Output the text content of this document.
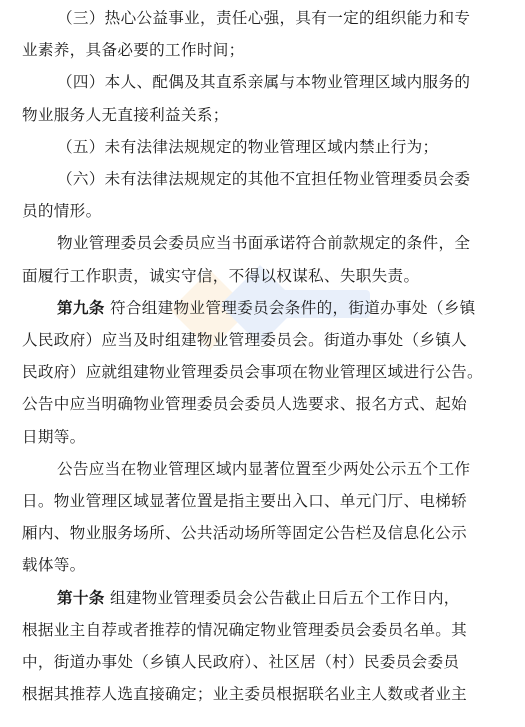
（三）热心公益事业，责任心强，具有一定的组织能力和专
业素养，具备必要的工作时间；
（四）本人、配偶及其直系亲属与本物业管理区域内服务的
物业服务人无直接利益关系；
（五）未有法律法规规定的物业管理区域内禁止行为；
（六）未有法律法规规定的其他不宜担任物业管理委员会委
员的情形。
物业管理委员会委员应当书面承诺符合前款规定的条件，全
面履行工作职责，诚实守信，不得以权谋私、失职失责。
第九条 符合组建物业管理委员会条件的，街道办事处（乡镇
人民政府）应当及时组建物业管理委员会。街道办事处（乡镇人
民政府）应就组建物业管理委员会事项在物业管理区域进行公告。
公告中应当明确物业管理委员会委员人选要求、报名方式、起始
日期等。
公告应当在物业管理区域内显著位置至少两处公示五个工作
日。物业管理区域显著位置是指主要出入口、单元门厅、电梯轿
厢内、物业服务场所、公共活动场所等固定公告栏及信息化公示
载体等。
第十条 组建物业管理委员会公告截止日后五个工作日内，
根据业主自荐或者推荐的情况确定物业管理委员会委员名单。其
中，街道办事处（乡镇人民政府）、社区居（村）民委员会委员
根据其推荐人选直接确定；业主委员根据联名业主人数或者业主
